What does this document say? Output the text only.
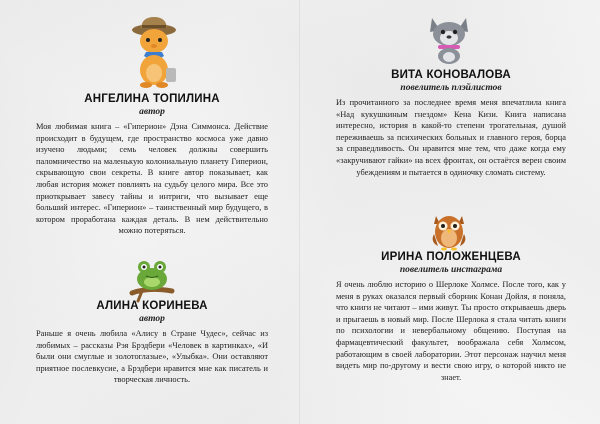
АНГЕЛИНА ТОПИЛИНА
автор

Моя любимая книга – «Гиперион» Дэна Симмонса. Действие происходит в будущем, где пространство космоса уже давно изучено людьми; семь человек должны совершить паломничество на маленькую колониальную планету Гиперион, скрывающую свои секреты. В книге автор показывает, как любая история может повлиять на судьбу целого мира. Все это приоткрывает завесу тайны и интриги, что вызывает еще больший интерес. «Гиперион» – таинственный мир будущего, в котором проработана каждая деталь. В нем действительно можно потеряться.

АЛИНА КОРИНЕВА
автор

Раньше я очень любила «Алису в Стране Чудес», сейчас из любимых – рассказы Рэя Брэдбери «Человек в картинках», «И были они смуглые и золотоглазые», «Улыбка». Они оставляют приятное послевкусие, а Брэдбери нравится мне как писатель и творческая личность.

ВИТА КОНОВАЛОВА
повелитель плэйлистов

Из прочитанного за последнее время меня впечатлила книга «Над кукушкиным гнездом» Кена Кизи. Книга написана интересно, история в какой-то степени трогательная, душой переживаешь за психических больных и главного героя, борца за справедливость. Он нравится мне тем, что даже когда ему «закручивают гайки» на всех фронтах, он остаётся верен своим убеждениям и пытается в одиночку сломать систему.

ИРИНА ПОЛОЖЕНЦЕВА
повелитель инстаграма

Я очень люблю историю о Шерлоке Холмсе. После того, как у меня в руках оказался первый сборник Конан Дойля, я поняла, что книги не читают – ими живут. Ты просто открываешь дверь и прыгаешь в новый мир. После Шерлока я стала читать книги по психологии и невербальному общению. Поступая на фармацевтический факультет, воображала себя Холмсом, работающим в своей лаборатории. Этот персонаж научил меня видеть мир по-другому и вести свою игру, о которой никто не знает.
